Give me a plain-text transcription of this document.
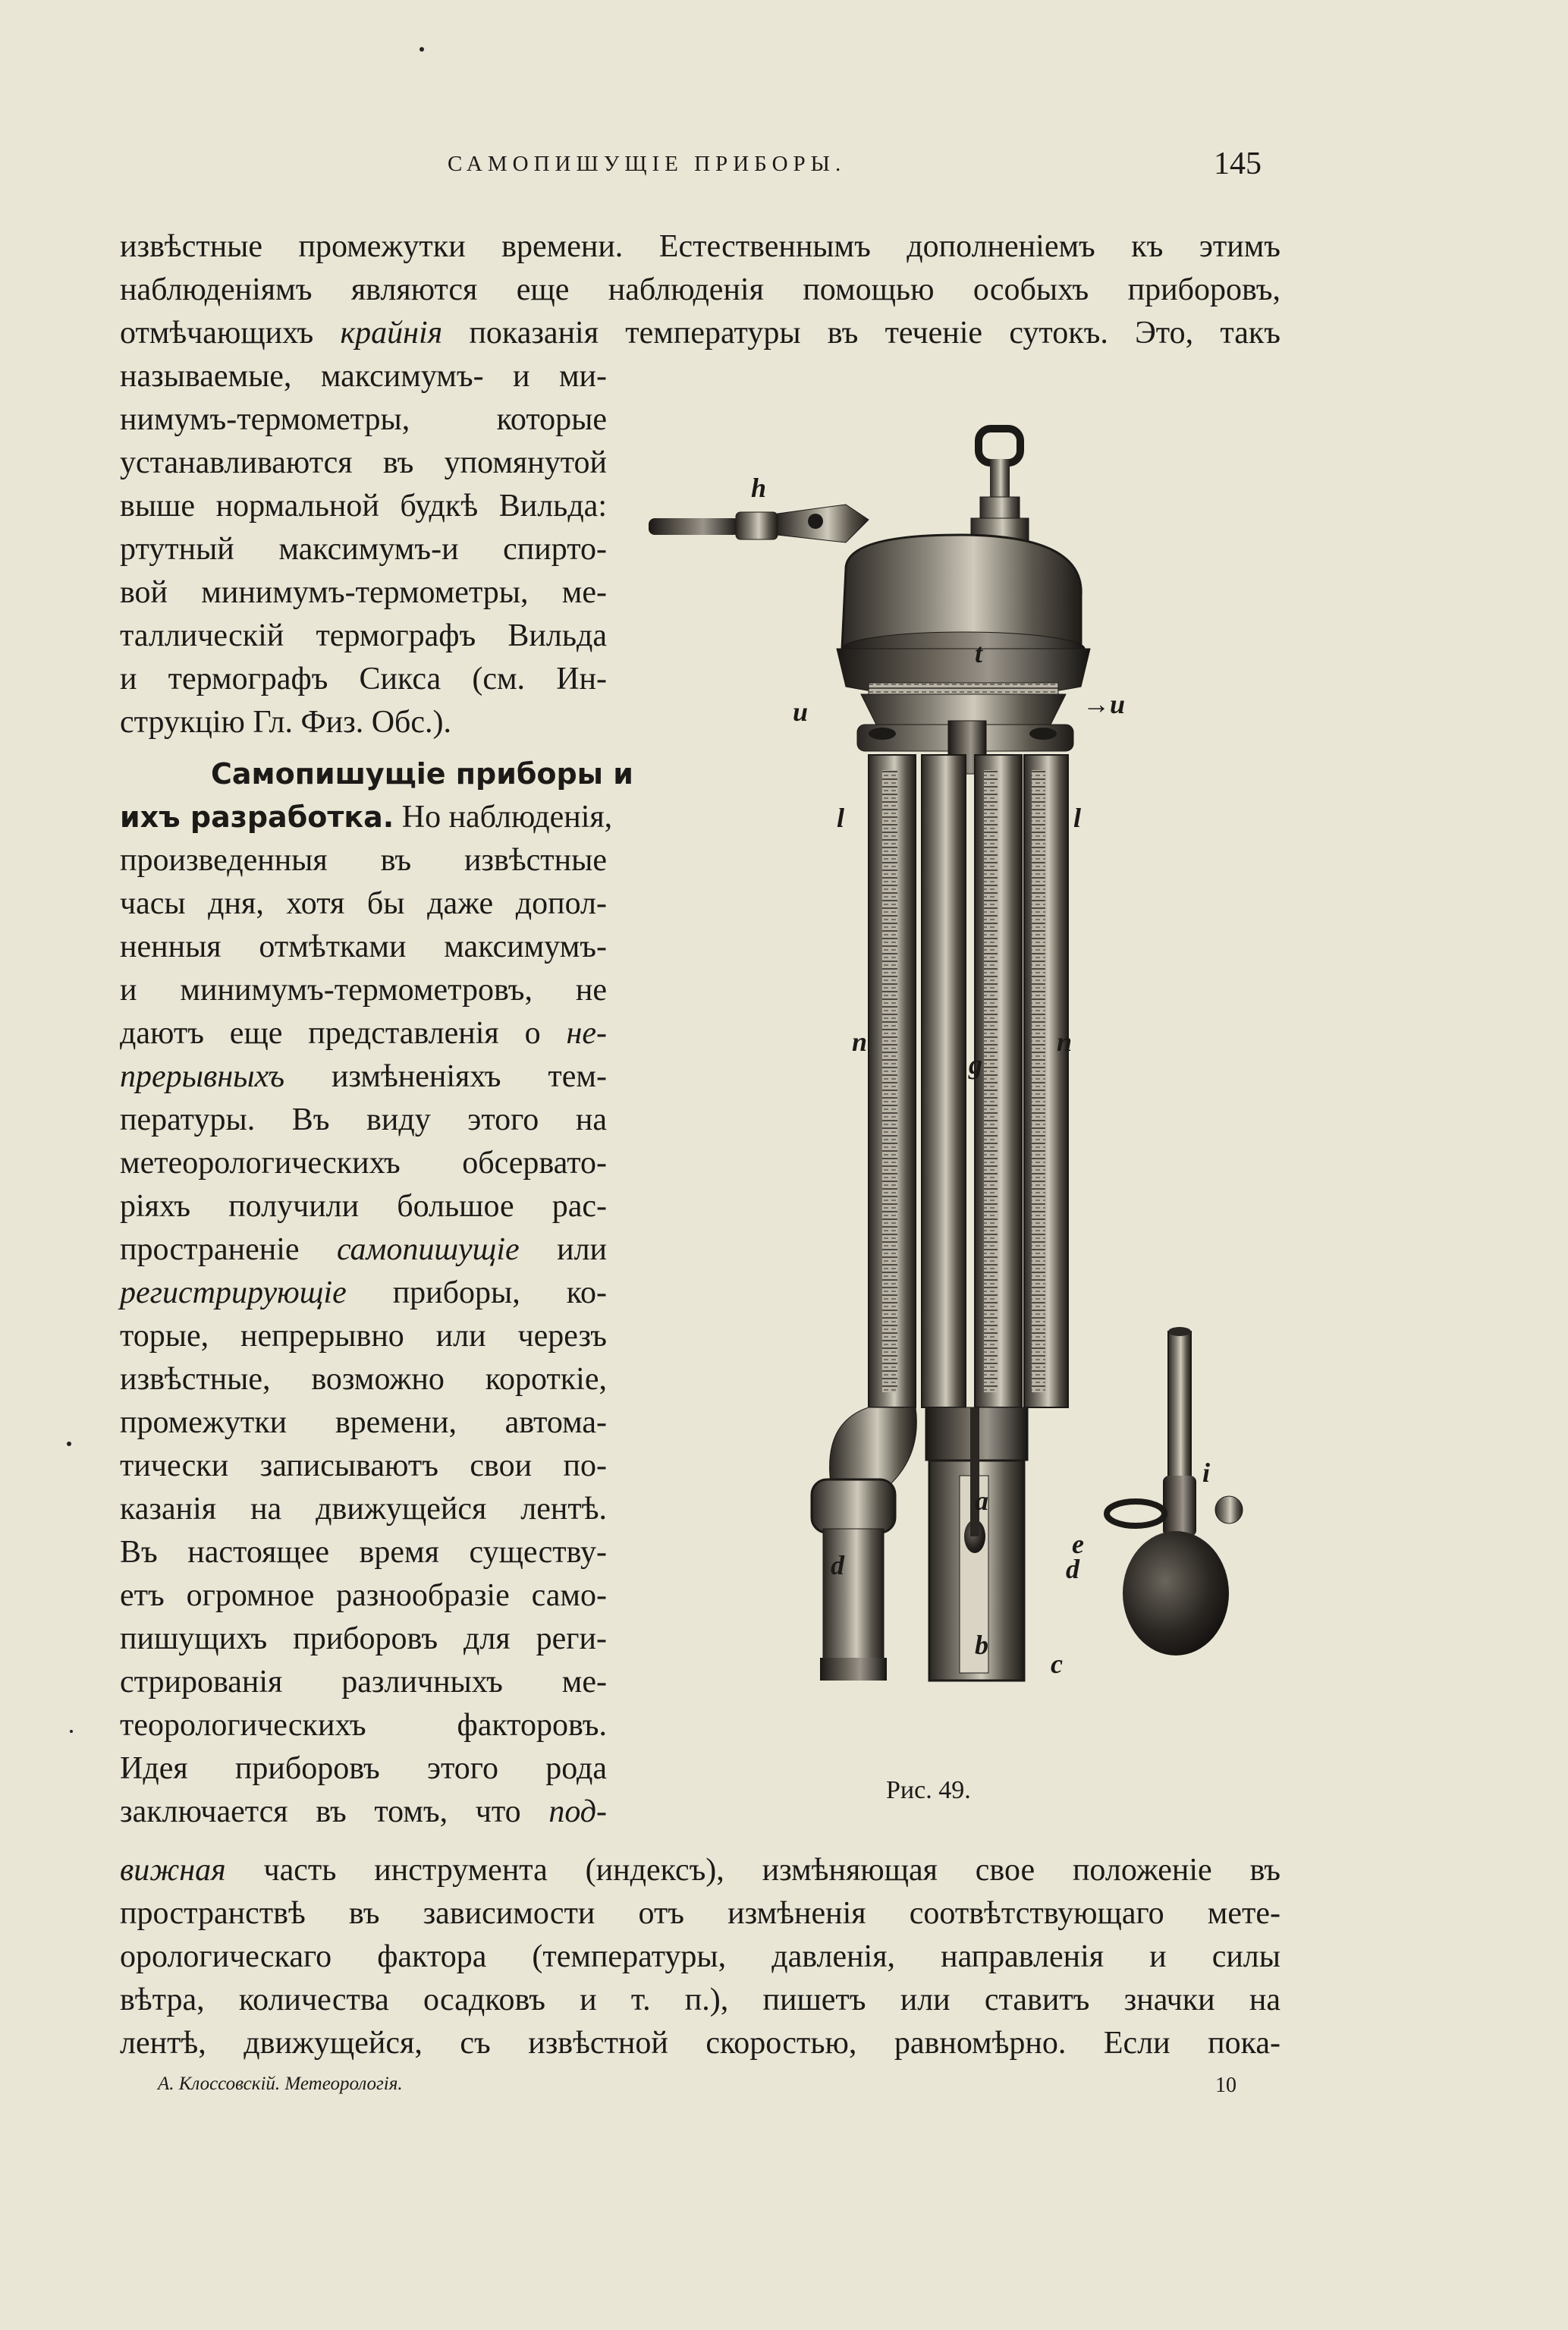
САМОПИШУЩІЕ ПРИБОРЫ.	145
извѣстные промежутки времени. Естественнымъ дополненіемъ къ этимъ
наблюденіямъ являются еще наблюденія помощью особыхъ приборовъ,
отмѣчающихъ крайнія показанія температуры въ теченіе сутокъ. Это, такъ
называемые, максимумъ- и ми-
нимумъ-термометры, которые
устанавливаются въ упомянутой
выше нормальной будкѣ Вильда:
ртутный максимумъ-и спирто-
вой минимумъ-термометры, ме-
таллическій термографъ Вильда
и термографъ Сикса (см. Ин-
струкцію Гл. Физ. Обс.).
Самопишущіе приборы и
ихъ разработка. Но наблюденія,
произведенныя въ извѣстные
часы дня, хотя бы даже допол-
ненныя отмѣтками максимумъ-
и минимумъ-термометровъ, не
даютъ еще представленія о не-
прерывныхъ измѣненіяхъ тем-
пературы. Въ виду этого на
метеорологическихъ обсервато-
ріяхъ получили большое рас-
пространеніе самопишущіе или
регистрирующіе приборы, ко-
торые, непрерывно или черезъ
извѣстные, возможно короткіе,
промежутки времени, автома-
тически записываютъ свои по-
казанія на движущейся лентѣ.
Въ настоящее время существу-
етъ огромное разнообразіе само-
пишущихъ приборовъ для реги-
стрированія различныхъ ме-
теорологическихъ факторовъ.
Идея приборовъ этого рода
заключается въ томъ, что под-
вижная часть инструмента (индексъ), измѣняющая свое положеніе въ
пространствѣ въ зависимости отъ измѣненія соотвѣтствующаго мете-
орологическаго фактора (температуры, давленія, направленія и силы
вѣтра, количества осадковъ и т. п.), пишетъ или ставитъ значки на
лентѣ, движущейся, съ извѣстной скоростью, равномѣрно. Если пока-
h
t
u	→u
l	l
n	n
g
i
e
d	d
c
b
a
Рис. 49.
А. Клоссовскій. Метеорологія.	10
